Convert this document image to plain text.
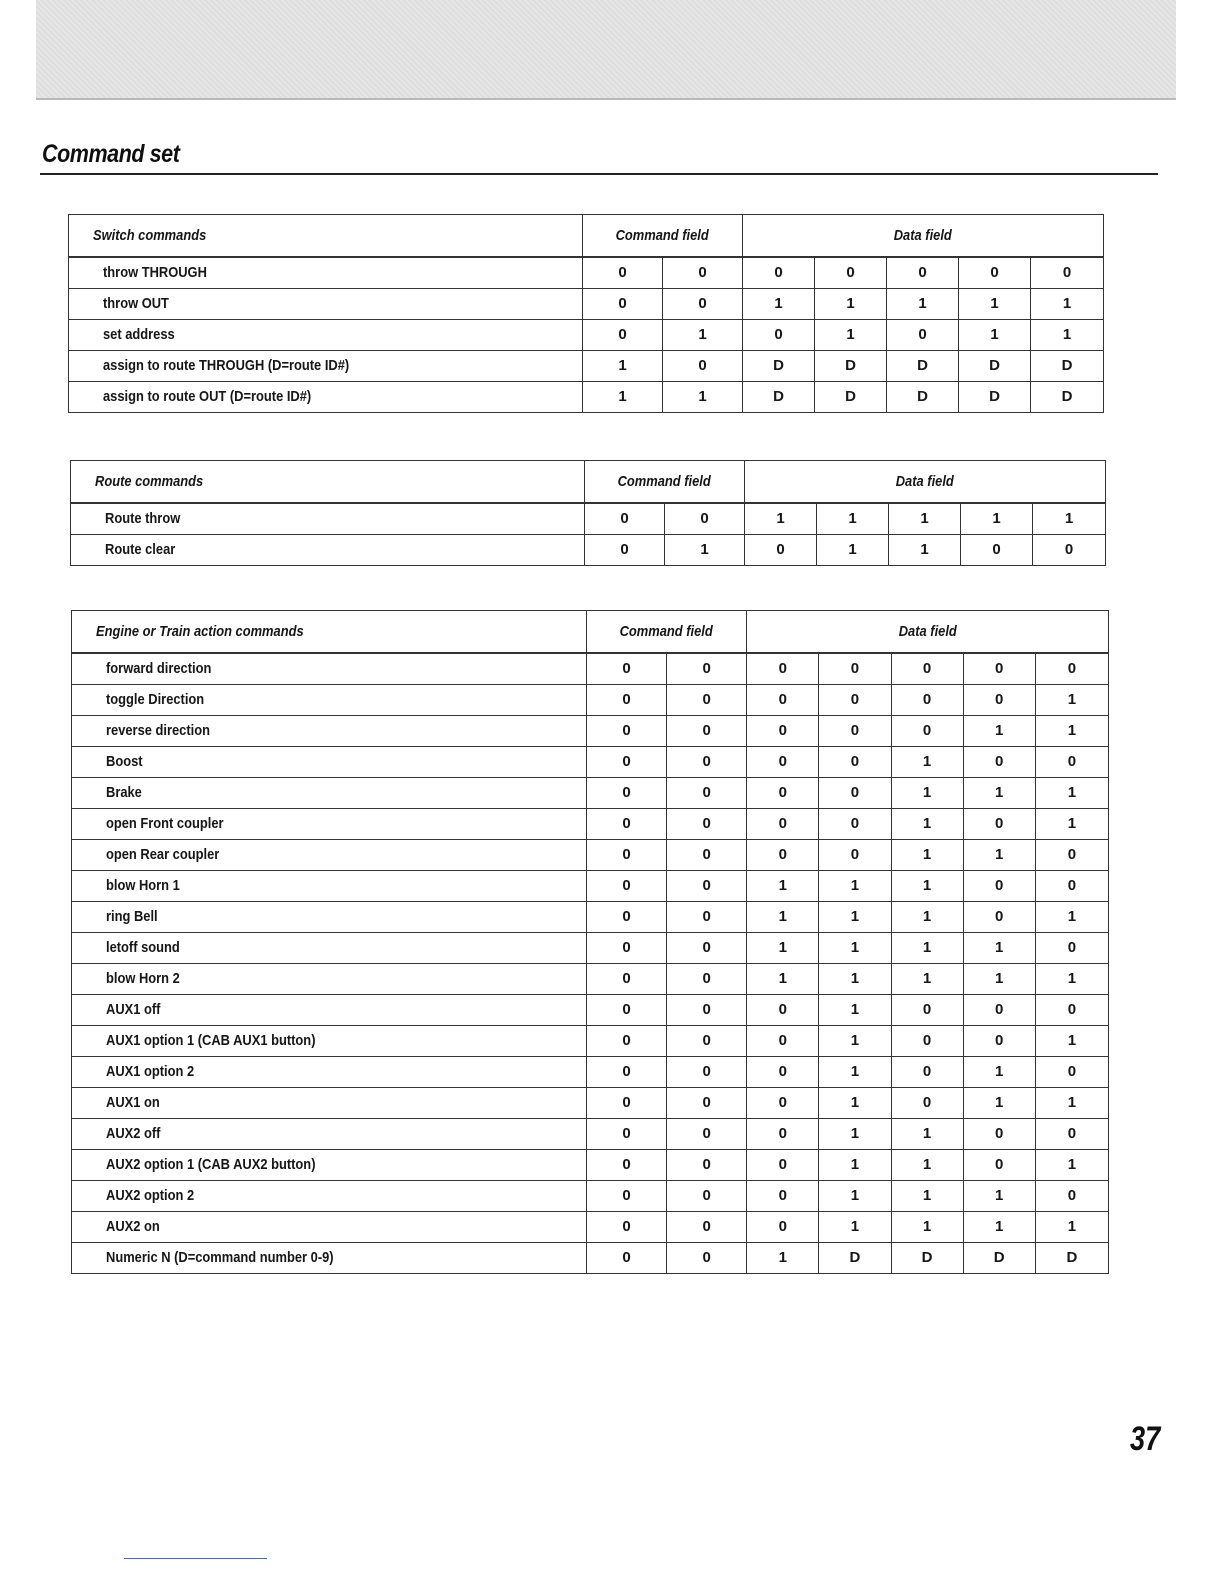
Command set
Switch commands	Command field		Data field				
throw THROUGH	0	0	0	0	0	0	0
throw OUT	0	0	1	1	1	1	1
set address	0	1	0	1	0	1	1
assign to route THROUGH (D=route ID#)	1	0	D	D	D	D	D
assign to route OUT (D=route ID#)	1	1	D	D	D	D	D
Route commands	Command field		Data field				
Route throw	0	0	1	1	1	1	1
Route clear	0	1	0	1	1	0	0
Engine or Train action commands	Command field		Data field				
forward direction	0	0	0	0	0	0	0
toggle Direction	0	0	0	0	0	0	1
reverse direction	0	0	0	0	0	1	1
Boost	0	0	0	0	1	0	0
Brake	0	0	0	0	1	1	1
open Front coupler	0	0	0	0	1	0	1
open Rear coupler	0	0	0	0	1	1	0
blow Horn 1	0	0	1	1	1	0	0
ring Bell	0	0	1	1	1	0	1
letoff sound	0	0	1	1	1	1	0
blow Horn 2	0	0	1	1	1	1	1
AUX1 off	0	0	0	1	0	0	0
AUX1 option 1 (CAB AUX1 button)	0	0	0	1	0	0	1
AUX1 option 2	0	0	0	1	0	1	0
AUX1 on	0	0	0	1	0	1	1
AUX2 off	0	0	0	1	1	0	0
AUX2 option 1 (CAB AUX2 button)	0	0	0	1	1	0	1
AUX2 option 2	0	0	0	1	1	1	0
AUX2 on	0	0	0	1	1	1	1
Numeric N (D=command number 0-9)	0	0	1	D	D	D	D
37
